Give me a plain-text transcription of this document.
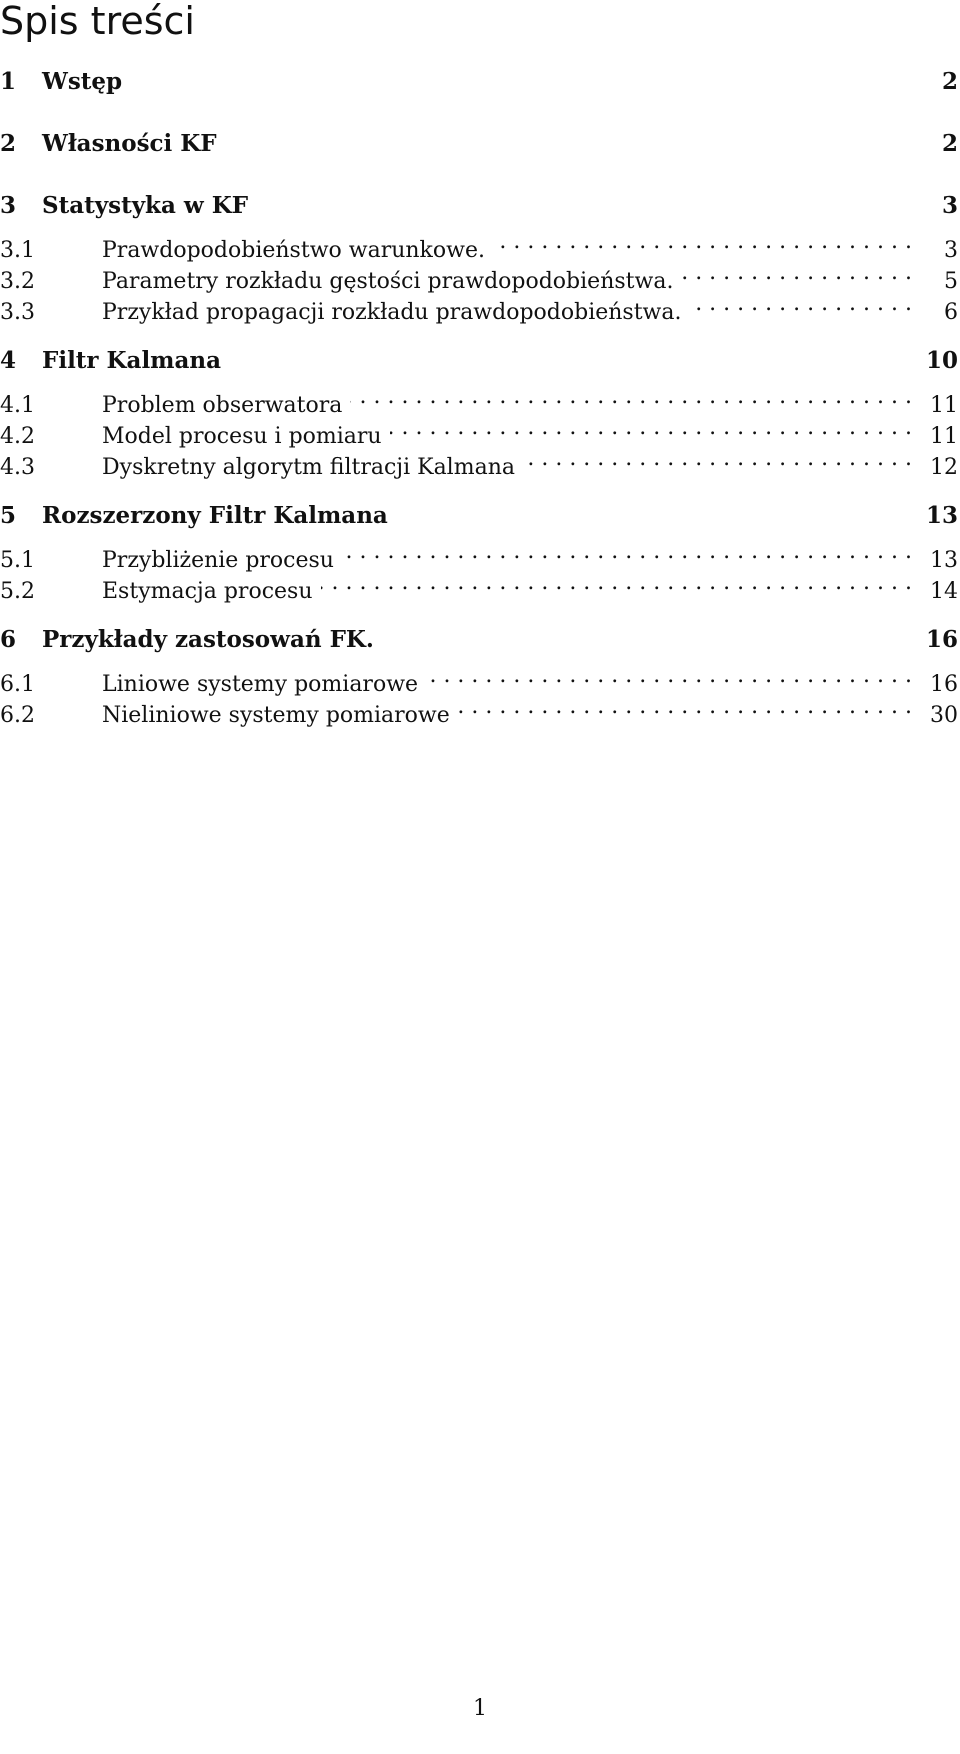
Spis treści
1	Wstęp	2
2	Własności KF	2
3	Statystyka w KF	3
3.1	Prawdopodobieństwo warunkowe. . . .	3
3.2	Parametry rozkładu gęstości prawdopodobieństwa. . . .	5
3.3	Przykład propagacji rozkładu prawdopodobieństwa. . . .	6
4	Filtr Kalmana	10
4.1	Problem obserwatora . . .	11
4.2	Model procesu i pomiaru . . .	11
4.3	Dyskretny algorytm filtracji Kalmana . . .	12
5	Rozszerzony Filtr Kalmana	13
5.1	Przybliżenie procesu . . .	13
5.2	Estymacja procesu . . .	14
6	Przykłady zastosowań FK.	16
6.1	Liniowe systemy pomiarowe . . .	16
6.2	Nieliniowe systemy pomiarowe . . .	30
1
